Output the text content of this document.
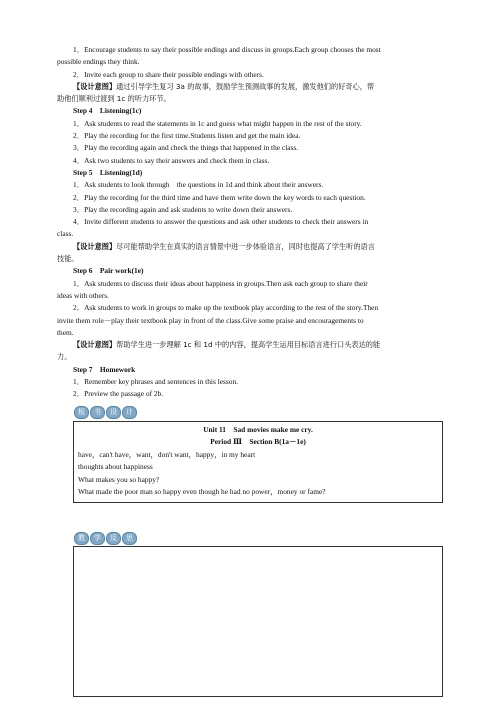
1．Encourage students to say their possible endings and discuss in groups.Each group chooses the most

possible endings they think.

2．Invite each group to share their possible endings with others.

【设计意图】通过引导学生复习 3a 的故事，鼓励学生预测故事的发展，激发他们的好奇心，帮

助他们顺利过渡到 1c 的听力环节。

Step 4　Listening(1c)

1．Ask students to read the statements in 1c and guess what might happen in the rest of the story.

2．Play the recording for the first time.Students listen and get the main idea.

3．Play the recording again and check the things that happened in the class.

4．Ask two students to say their answers and check them in class.

Step 5　Listening(1d)

1．Ask students to look through　the questions in 1d and think about their answers.

2．Play the recording for the third time and have them write down the key words to each question.

3．Play the recording again and ask students to write down their answers.

4．Invite different students to answer the questions and ask other students to check their answers in

class.

【设计意图】尽可能帮助学生在真实的语言情景中进一步体验语言，同时也提高了学生听的语言

技能。

Step 6　Pair work(1e)

1．Ask students to discuss their ideas about happiness in groups.Then ask each group to share their

ideas with others.

2．Ask students to work in groups to make up the textbook play according to the rest of the story.Then

invite them role－play their textbook play in front of the class.Give some praise and encouragements to

them.

【设计意图】帮助学生进一步理解 1c 和 1d 中的内容，提高学生运用目标语言进行口头表达的能

力。

Step 7　Homework

1．Remember key phrases and sentences in this lesson.

2．Preview the passage of 2b.

板	书	设	计

Unit 11　Sad movies make me cry.

Period Ⅲ　Section B(1a－1e)

have，can't have，want，don't want，happy，in my heart

thoughts about happiness

What makes you so happy?

What made the poor man so happy even though he had no power，money or fame?

教	学	反	思
